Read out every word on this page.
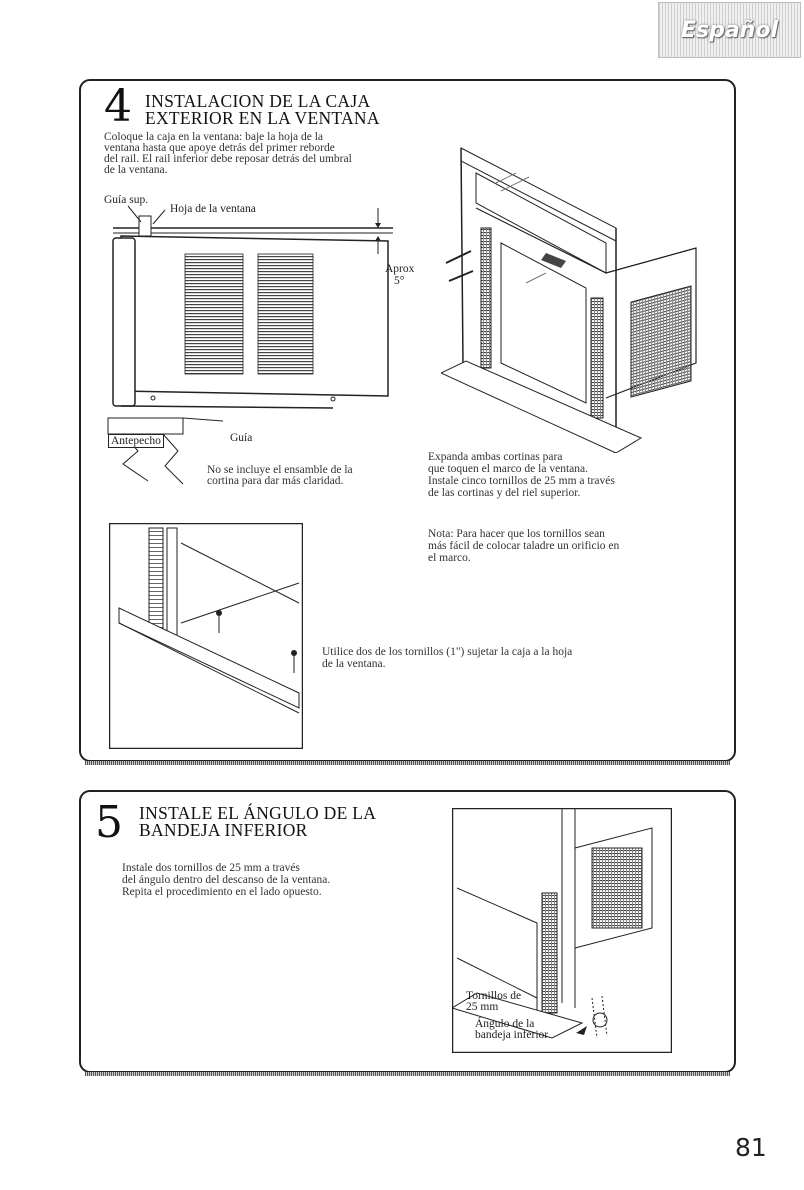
Español
4 INSTALACION DE LA CAJA
EXTERIOR EN LA VENTANA
Coloque la caja en la ventana: baje la hoja de la
ventana hasta que apoye detrás del primer reborde
del rail. El rail inferior debe reposar detrás del umbral
de la ventana.
Guía sup.
Hoja de la ventana
Aprox
5°
Antepecho	Guía
No se incluye el ensamble de la
cortina para dar más claridad.
Expanda ambas cortinas para
que toquen el marco de la ventana.
Instale cinco tornillos de 25 mm a través
de las cortinas y del riel superior.
Nota: Para hacer que los tornillos sean
más fácil de colocar taladre un orificio en
el marco.
Utilice dos de los tornillos (1") sujetar la caja a la hoja
de la ventana.
5 INSTALE EL ÁNGULO DE LA
BANDEJA INFERIOR
Instale dos tornillos de 25 mm a través
del ángulo dentro del descanso de la ventana.
Repita el procedimiento en el lado opuesto.
Tornillos de
25 mm
Ángulo de la
bandeja inferior
81
